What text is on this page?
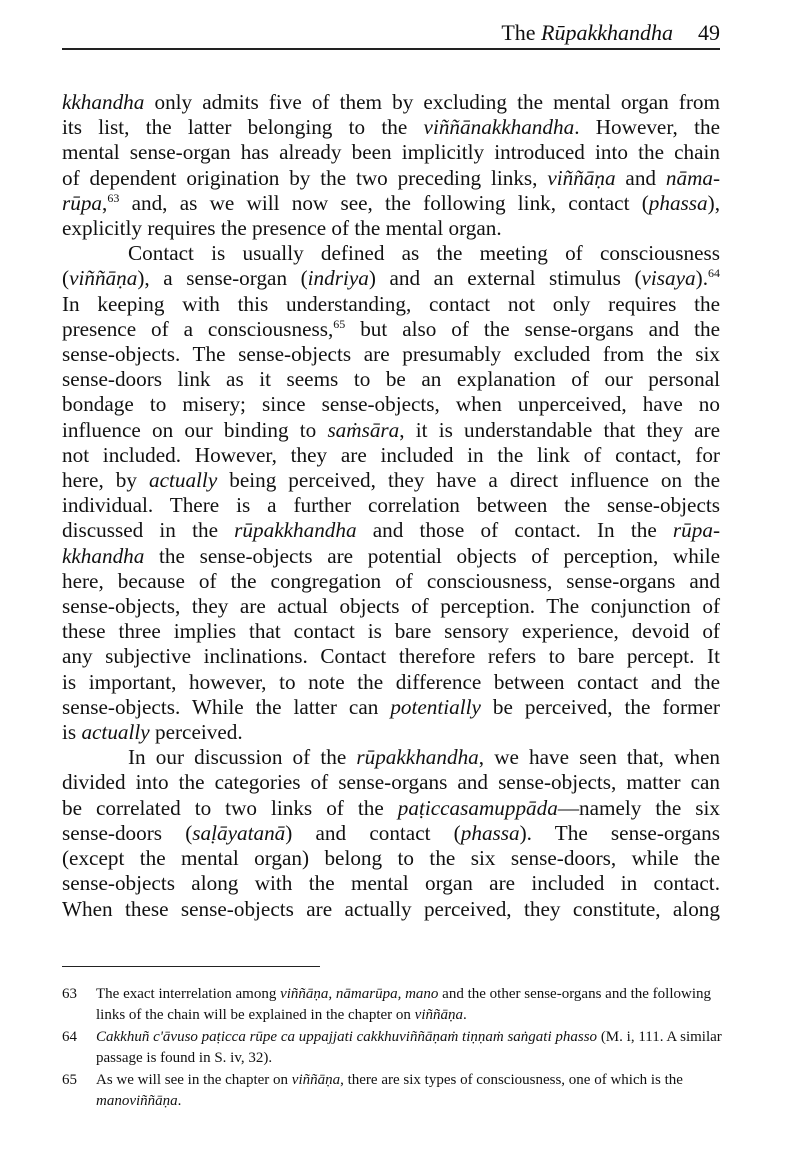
The Rūpakkhandha 49
kkhandha only admits five of them by excluding the mental organ from
its list, the latter belonging to the viññānakkhandha. However, the
mental sense-organ has already been implicitly introduced into the chain
of dependent origination by the two preceding links, viññāṇa and nāma-
rūpa,$^{63}$ and, as we will now see, the following link, contact (phassa),
explicitly requires the presence of the mental organ.
Contact is usually defined as the meeting of consciousness
(viññāṇa), a sense-organ (indriya) and an external stimulus (visaya).$^{64}$
In keeping with this understanding, contact not only requires the
presence of a consciousness,$^{65}$ but also of the sense-organs and the
sense-objects. The sense-objects are presumably excluded from the six
sense-doors link as it seems to be an explanation of our personal
bondage to misery; since sense-objects, when unperceived, have no
influence on our binding to saṁsāra, it is understandable that they are
not included. However, they are included in the link of contact, for
here, by actually being perceived, they have a direct influence on the
individual. There is a further correlation between the sense-objects
discussed in the rūpakkhandha and those of contact. In the rūpa-
kkhandha the sense-objects are potential objects of perception, while
here, because of the congregation of consciousness, sense-organs and
sense-objects, they are actual objects of perception. The conjunction of
these three implies that contact is bare sensory experience, devoid of
any subjective inclinations. Contact therefore refers to bare percept. It
is important, however, to note the difference between contact and the
sense-objects. While the latter can potentially be perceived, the former
is actually perceived.
In our discussion of the rūpakkhandha, we have seen that, when
divided into the categories of sense-organs and sense-objects, matter can
be correlated to two links of the paṭiccasamuppāda—namely the six
sense-doors (saḷāyatanā) and contact (phassa). The sense-organs
(except the mental organ) belong to the six sense-doors, while the
sense-objects along with the mental organ are included in contact.
When these sense-objects are actually perceived, they constitute, along
63 The exact interrelation among viññāṇa, nāmarūpa, mano and the other sense-organs and the following links of the chain will be explained in the chapter on viññāṇa.
64 Cakkhuñ c'āvuso paṭicca rūpe ca uppajjati cakkhuviññāṇaṁ tiṇṇaṁ saṅgati phasso (M. i, 111. A similar passage is found in S. iv, 32).
65 As we will see in the chapter on viññāṇa, there are six types of consciousness, one of which is the manoviññāṇa.
